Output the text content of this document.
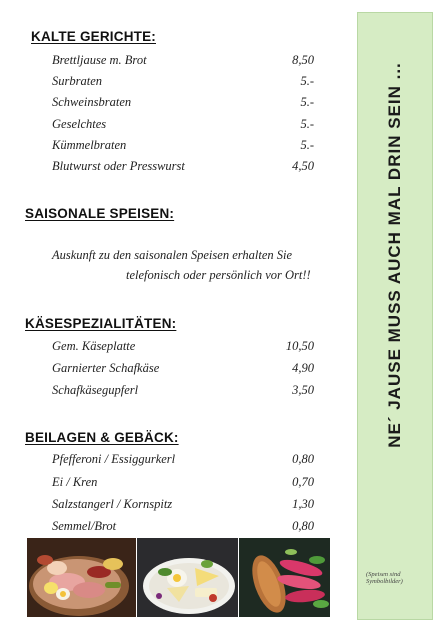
KALTE GERICHTE:
Brettljause m. Brot	8,50
Surbraten	5.-
Schweinsbraten	5.-
Geselchtes	5.-
Kümmelbraten	5.-
Blutwurst oder Presswurst	4,50
SAISONALE SPEISEN:
Auskunft zu den saisonalen Speisen erhalten Sie
telefonisch oder persönlich vor Ort!!
KÄSESPEZIALITÄTEN:
Gem. Käseplatte	10,50
Garnierter Schafkäse	4,90
Schafkäsegupferl	3,50
BEILAGEN & GEBÄCK:
Pfefferoni / Essiggurkerl	0,80
Ei / Kren	0,70
Salzstangerl / Kornspitz	1,30
Semmel/Brot	0,80
NE´ JAUSE MUSS AUCH MAL DRIN SEIN ...
(Speisen sind Symbolbilder)
